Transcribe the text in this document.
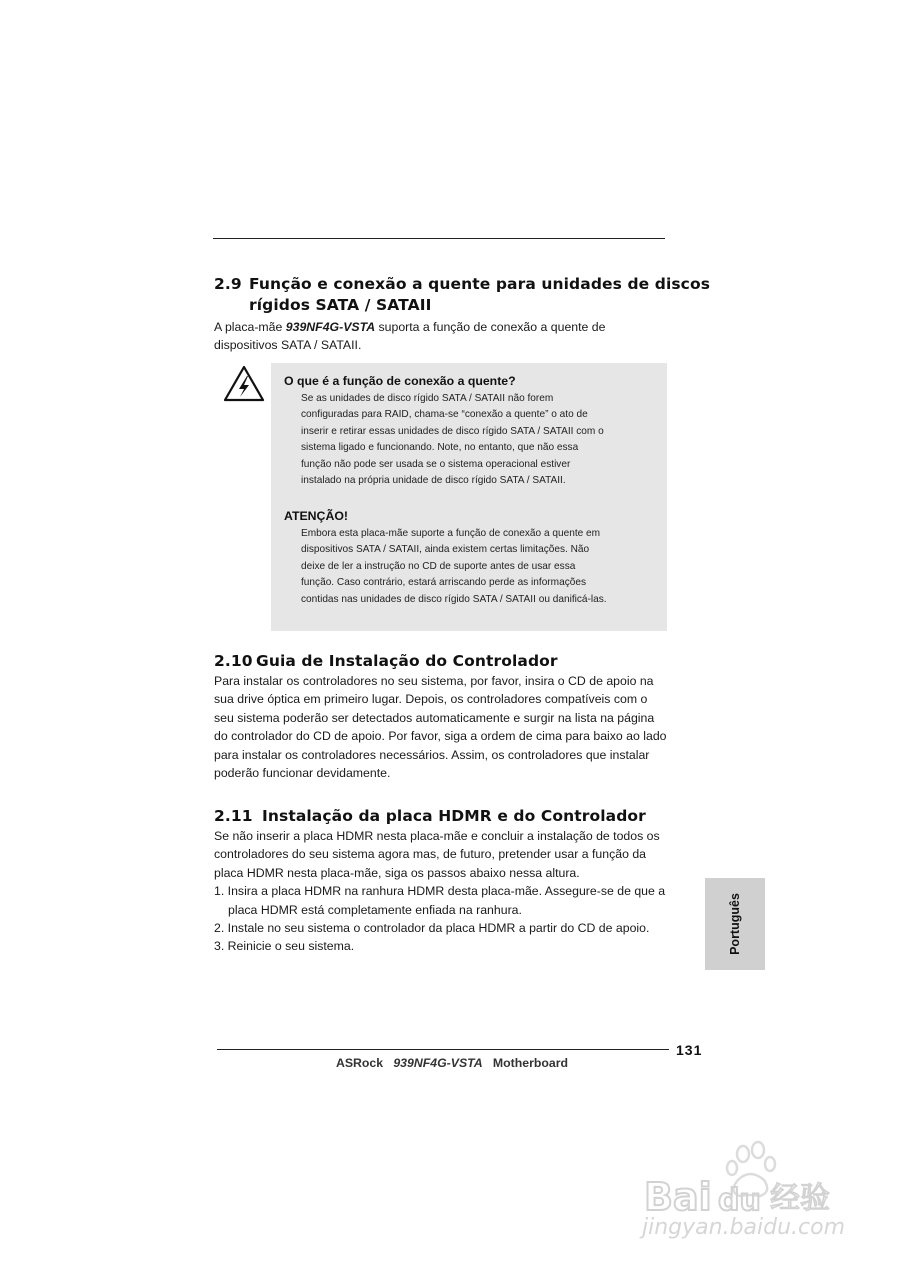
2.9 Função e conexão a quente para unidades de discos
rígidos SATA / SATAII

A placa-mãe 939NF4G-VSTA suporta a função de conexão a quente de

dispositivos SATA / SATAII.

O que é a função de conexão a quente?

Se as unidades de disco rígido SATA / SATAII não forem

configuradas para RAID, chama-se “conexão a quente” o ato de

inserir e retirar essas unidades de disco rígido SATA / SATAII com o

sistema ligado e funcionando. Note, no entanto, que não essa

função não pode ser usada se o sistema operacional estiver

instalado na própria unidade de disco rígido SATA / SATAII.

ATENÇÃO!

Embora esta placa-mãe suporte a função de conexão a quente em

dispositivos SATA / SATAII, ainda existem certas limitações. Não

deixe de ler a instrução no CD de suporte antes de usar essa

função. Caso contrário, estará arriscando perde as informações

contidas nas unidades de disco rígido SATA / SATAII ou danificá-las.

2.10 Guia de Instalação do Controlador

Para instalar os controladores no seu sistema, por favor, insira o CD de apoio na

sua drive óptica em primeiro lugar. Depois, os controladores compatíveis com o

seu sistema poderão ser detectados automaticamente e surgir na lista na página

do controlador do CD de apoio. Por favor, siga a ordem de cima para baixo ao lado

para instalar os controladores necessários. Assim, os controladores que instalar

poderão funcionar devidamente.

2.11 Instalação da placa HDMR e do Controlador

Se não inserir a placa HDMR nesta placa-mãe e concluir a instalação de todos os

controladores do seu sistema agora mas, de futuro, pretender usar a função da

placa HDMR nesta placa-mãe, siga os passos abaixo nessa altura.

1. Insira a placa HDMR na ranhura HDMR desta placa-mãe. Assegure-se de que a

placa HDMR está completamente enfiada na ranhura.

2. Instale no seu sistema o controlador da placa HDMR a partir do CD de apoio.

3. Reinicie o seu sistema.	Português
131
ASRock 939NF4G-VSTA Motherboard
Bai du 经验
jingyan.baidu.com
